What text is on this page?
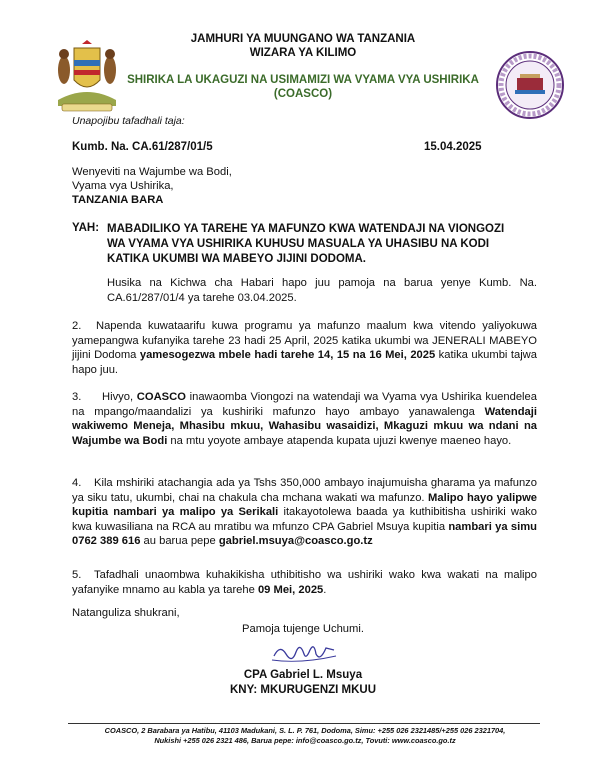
JAMHURI YA MUUNGANO WA TANZANIA
WIZARA YA KILIMO
SHIRIKA LA UKAGUZI NA USIMAMIZI WA VYAMA VYA USHIRIKA
(COASCO)
Unapojibu tafadhali taja:
Kumb. Na. CA.61/287/01/5	15.04.2025
Wenyeviti na Wajumbe wa Bodi,
Vyama vya Ushirika,
TANZANIA BARA
YAH: MABADILIKO YA TAREHE YA MAFUNZO KWA WATENDAJI NA VIONGOZI
WA VYAMA VYA USHIRIKA KUHUSU MASUALA YA UHASIBU NA KODI
KATIKA UKUMBI WA MABEYO JIJINI DODOMA.
Husika na Kichwa cha Habari hapo juu pamoja na barua yenye Kumb. Na. CA.61/287/01/4 ya tarehe 03.04.2025.
2. Napenda kuwataarifu kuwa programu ya mafunzo maalum kwa vitendo yaliyokuwa yamepangwa kufanyika tarehe 23 hadi 25 April, 2025 katika ukumbi wa JENERALI MABEYO jijini Dodoma yamesogezwa mbele hadi tarehe 14, 15 na 16 Mei, 2025 katika ukumbi tajwa hapo juu.
3. Hivyo, COASCO inawaomba Viongozi na watendaji wa Vyama vya Ushirika kuendelea na mpango/maandalizi ya kushiriki mafunzo hayo ambayo yanawalenga Watendaji wakiwemo Meneja, Mhasibu mkuu, Wahasibu wasaidizi, Mkaguzi mkuu wa ndani na Wajumbe wa Bodi na mtu yoyote ambaye atapenda kupata ujuzi kwenye maeneo hayo.
4. Kila mshiriki atachangia ada ya Tshs 350,000 ambayo inajumuisha gharama ya mafunzo ya siku tatu, ukumbi, chai na chakula cha mchana wakati wa mafunzo. Malipo hayo yalipwe kupitia nambari ya malipo ya Serikali itakayotolewa baada ya kuthibitisha ushiriki wako kwa kuwasiliana na RCA au mratibu wa mfunzo CPA Gabriel Msuya kupitia nambari ya simu 0762 389 616 au barua pepe gabriel.msuya@coasco.go.tz
5. Tafadhali unaombwa kuhakikisha uthibitisho wa ushiriki wako kwa wakati na malipo yafanyike mnamo au kabla ya tarehe 09 Mei, 2025.
Natanguliza shukrani,
Pamoja tujenge Uchumi.
CPA Gabriel L. Msuya
KNY: MKURUGENZI MKUU
COASCO, 2 Barabara ya Hatibu, 41103 Madukani, S. L. P. 761, Dodoma, Simu: +255 026 2321485/+255 026 2321704,
Nukishi +255 026 2321 486, Barua pepe: info@coasco.go.tz, Tovuti: www.coasco.go.tz
